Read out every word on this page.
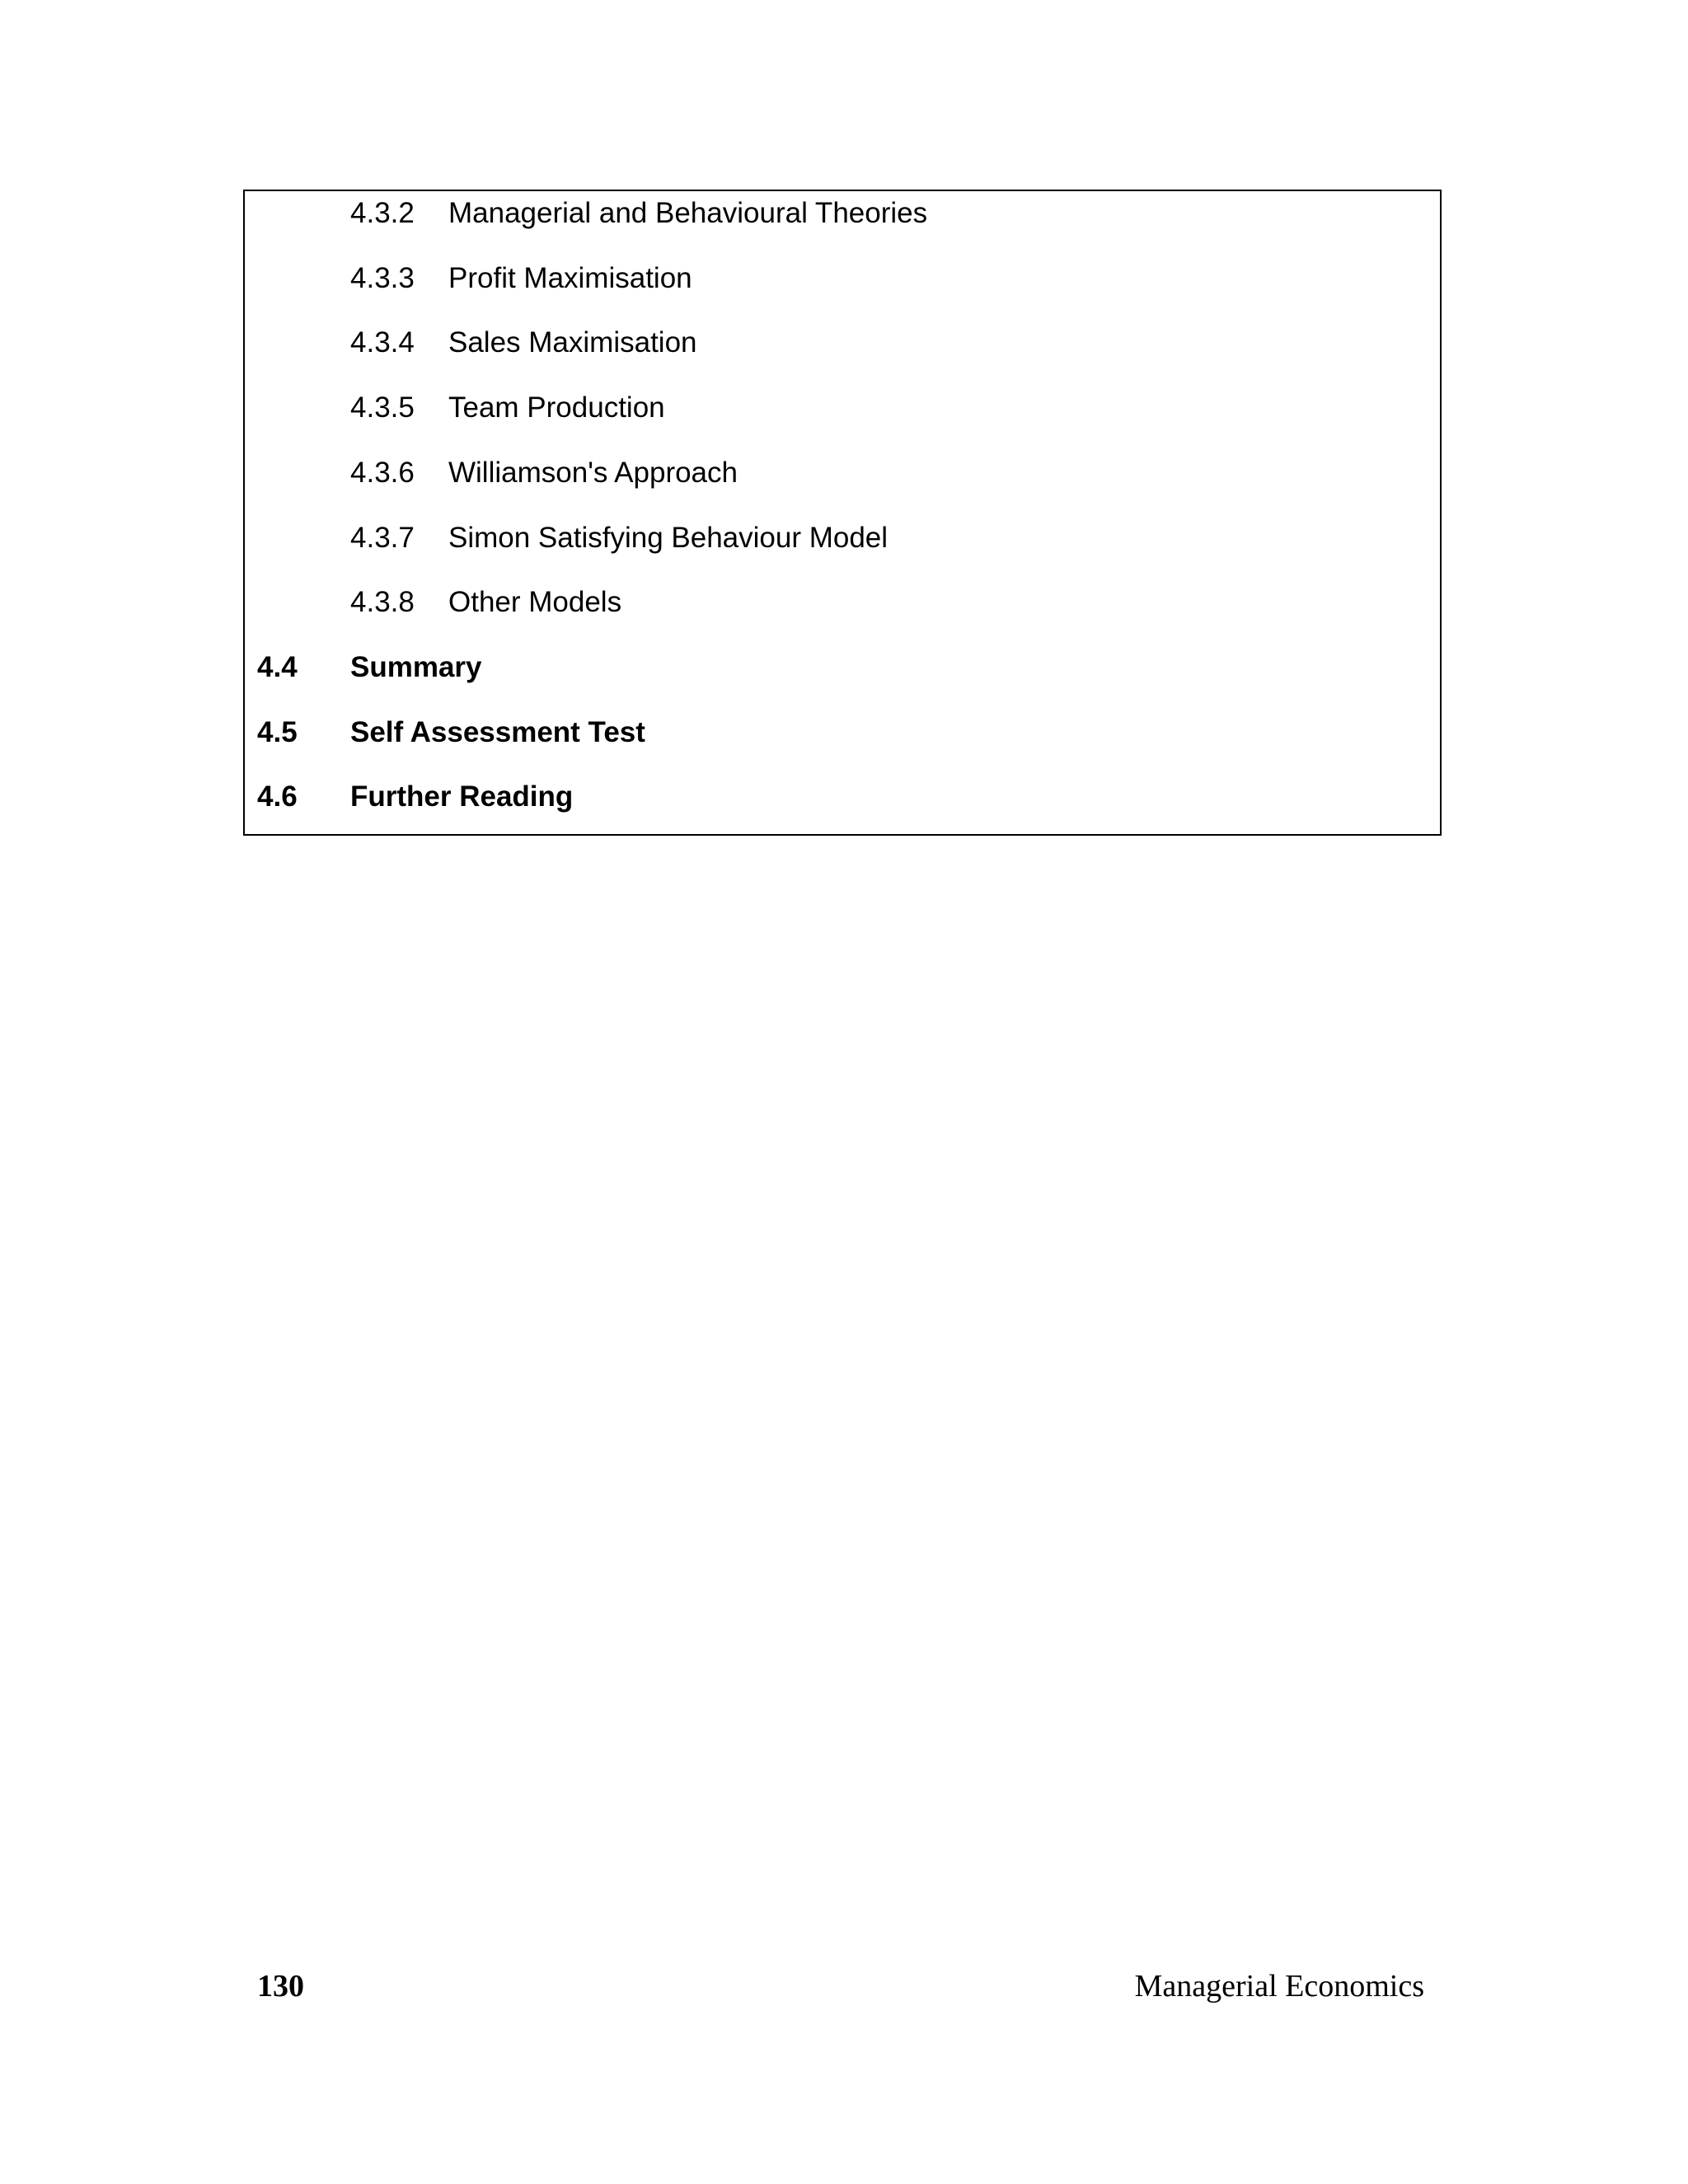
4.3.2 Managerial and Behavioural Theories
4.3.3 Profit Maximisation
4.3.4 Sales Maximisation
4.3.5 Team Production
4.3.6 Williamson's Approach
4.3.7 Simon Satisfying Behaviour Model
4.3.8 Other Models
4.4 Summary
4.5 Self Assessment Test
4.6 Further Reading
130	Managerial Economics
